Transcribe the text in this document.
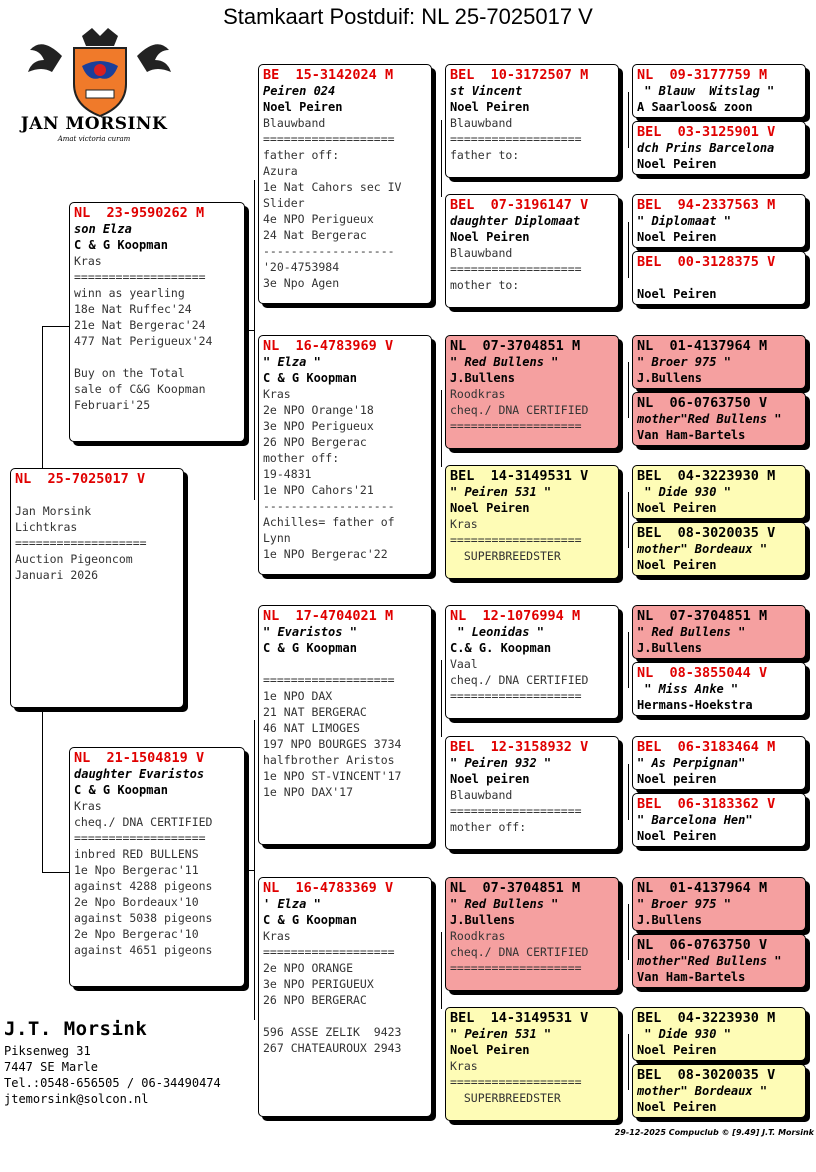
Stamkaart Postduif: NL 25-7025017 V
JAN MORSINK
Amat victoria curam
NL 25-7025017 V
Jan Morsink
Lichtkras
===================
Auction Pigeoncom
Januari 2026
NL 23-9590262 M
son Elza
C & G Koopman
Kras
===================
winn as yearling
18e Nat Ruffec'24
21e Nat Bergerac'24
477 Nat Perigueux'24
Buy on the Total
sale of C&G Koopman
Februari'25
NL 21-1504819 V
daughter Evaristos
C & G Koopman
Kras
cheq./ DNA CERTIFIED
===================
inbred RED BULLENS
1e Npo Bergerac'11
against 4288 pigeons
2e Npo Bordeaux'10
against 5038 pigeons
2e Npo Bergerac'10
against 4651 pigeons
BE 15-3142024 M
Peiren 024
Noel Peiren
Blauwband
===================
father off:
Azura
1e Nat Cahors sec IV
Slider
4e NPO Perigueux
24 Nat Bergerac
-------------------
'20-4753984
3e Npo Agen
NL 16-4783969 V
" Elza "
C & G Koopman
Kras
2e NPO Orange'18
3e NPO Perigueux
26 NPO Bergerac
mother off:
19-4831
1e NPO Cahors'21
-------------------
Achilles= father of
Lynn
1e NPO Bergerac'22
NL 17-4704021 M
" Evaristos "
C & G Koopman
===================
1e NPO DAX
21 NAT BERGERAC
46 NAT LIMOGES
197 NPO BOURGES 3734
halfbrother Aristos
1e NPO ST-VINCENT'17
1e NPO DAX'17
NL 16-4783369 V
' Elza "
C & G Koopman
Kras
===================
2e NPO ORANGE
3e NPO PERIGUEUX
26 NPO BERGERAC
596 ASSE ZELIK  9423
267 CHATEAUROUX 2943
BEL 10-3172507 M
st Vincent
Noel Peiren
Blauwband
===================
father to:
BEL 07-3196147 V
daughter Diplomaat
Noel Peiren
Blauwband
===================
mother to:
NL 07-3704851 M
" Red Bullens "
J.Bullens
Roodkras
cheq./ DNA CERTIFIED
===================
BEL 14-3149531 V
" Peiren 531 "
Noel Peiren
Kras
===================
SUPERBREEDSTER
NL 12-1076994 M
" Leonidas "
C.& G. Koopman
Vaal
cheq./ DNA CERTIFIED
===================
BEL 12-3158932 V
" Peiren 932 "
Noel peiren
Blauwband
===================
mother off:
NL 07-3704851 M
" Red Bullens "
J.Bullens
Roodkras
cheq./ DNA CERTIFIED
===================
BEL 14-3149531 V
" Peiren 531 "
Noel Peiren
Kras
===================
SUPERBREEDSTER
NL 09-3177759 M
" Blauw  Witslag "
A Saarloos& zoon
BEL 03-3125901 V
dch Prins Barcelona
Noel Peiren
BEL 94-2337563 M
" Diplomaat "
Noel Peiren
BEL 00-3128375 V
Noel Peiren
NL 01-4137964 M
" Broer 975 "
J.Bullens
NL 06-0763750 V
mother"Red Bullens "
Van Ham-Bartels
BEL 04-3223930 M
" Dide 930 "
Noel Peiren
BEL 08-3020035 V
mother" Bordeaux "
Noel Peiren
NL 07-3704851 M
" Red Bullens "
J.Bullens
NL 08-3855044 V
" Miss Anke "
Hermans-Hoekstra
BEL 06-3183464 M
" As Perpignan"
Noel peiren
BEL 06-3183362 V
" Barcelona Hen"
Noel Peiren
NL 01-4137964 M
" Broer 975 "
J.Bullens
NL 06-0763750 V
mother"Red Bullens "
Van Ham-Bartels
BEL 04-3223930 M
" Dide 930 "
Noel Peiren
BEL 08-3020035 V
mother" Bordeaux "
Noel Peiren
J.T. Morsink
Piksenweg 31
7447 SE Marle
Tel.:0548-656505 / 06-34490474
jtemorsink@solcon.nl
29-12-2025 Compuclub © [9.49] J.T. Morsink
